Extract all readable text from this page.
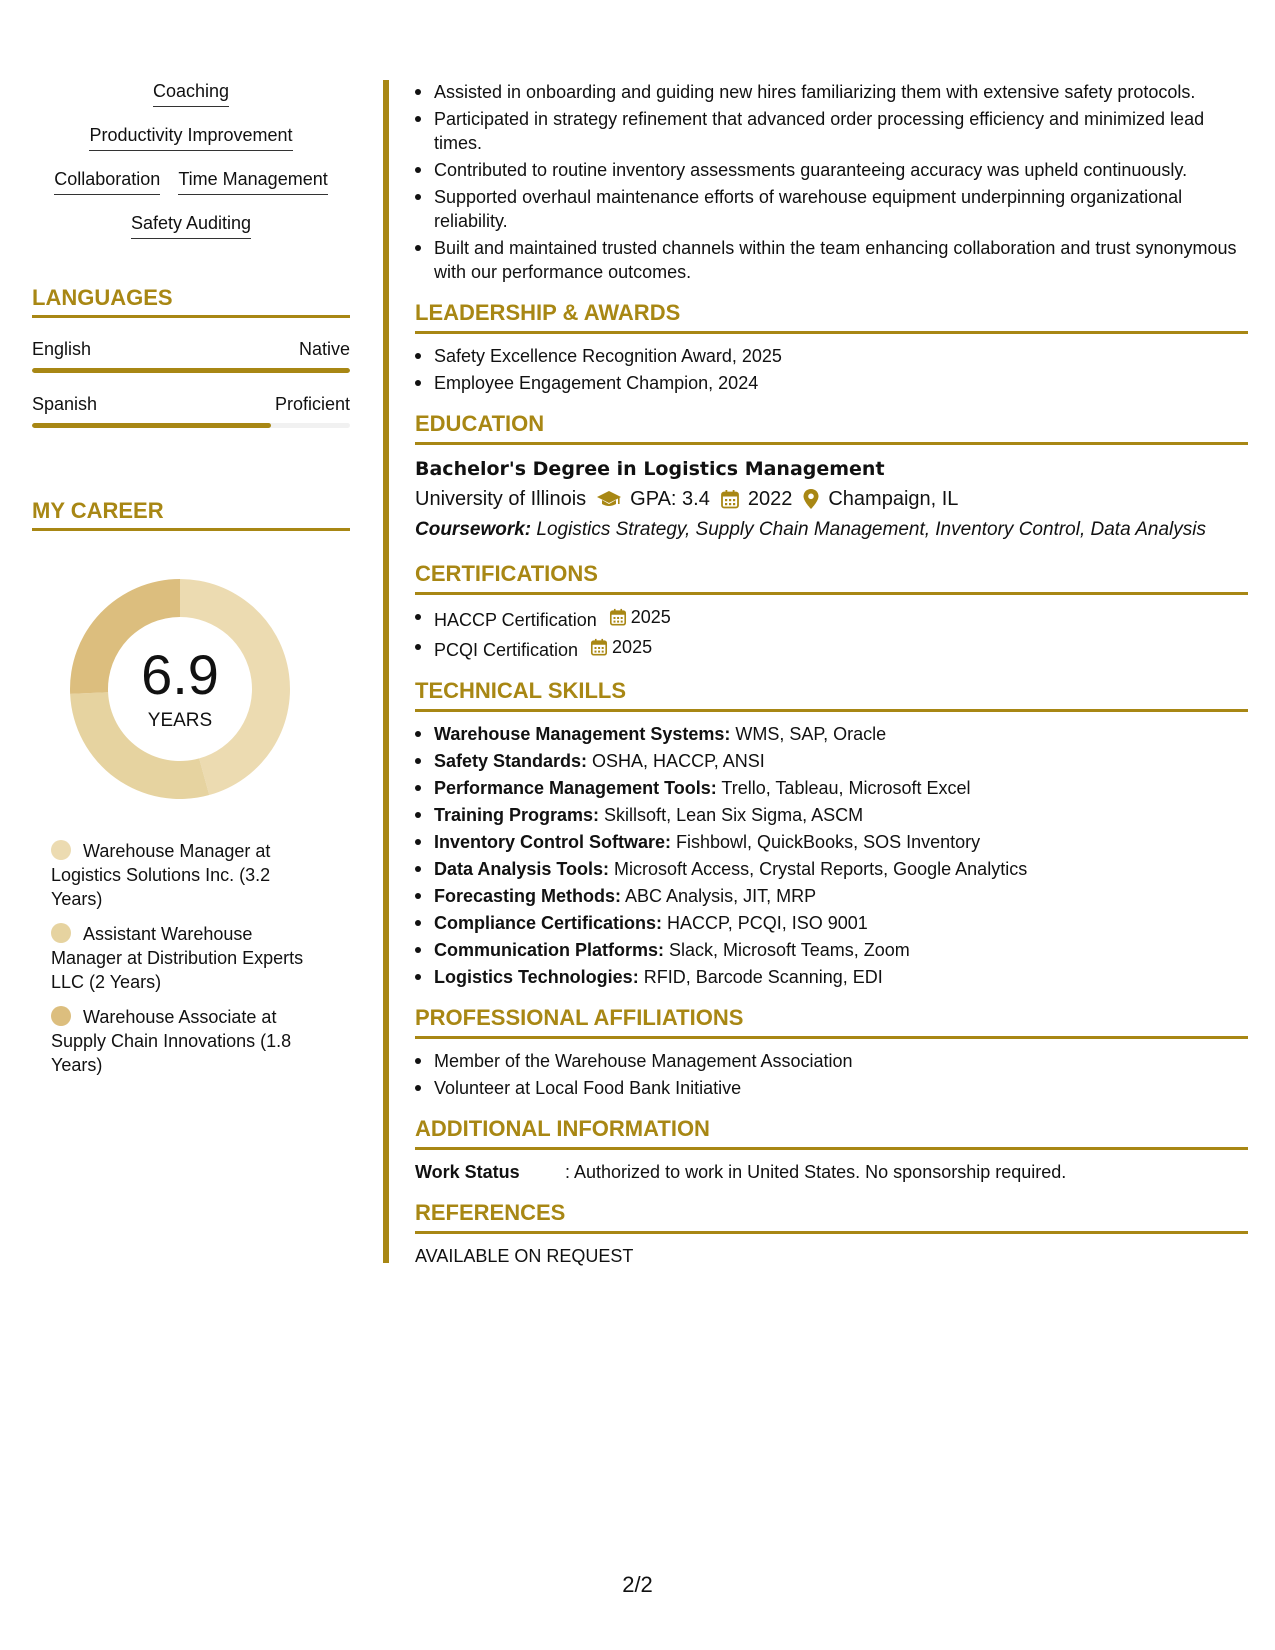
Coaching
Productivity Improvement
Collaboration Time Management
Safety Auditing
LANGUAGES
English	Native
Spanish	Proficient
MY CAREER
6.9
YEARS
Warehouse Manager at Logistics Solutions Inc. (3.2 Years)
Assistant Warehouse Manager at Distribution Experts LLC (2 Years)
Warehouse Associate at Supply Chain Innovations (1.8 Years)
Assisted in onboarding and guiding new hires familiarizing them with extensive safety protocols.
Participated in strategy refinement that advanced order processing efficiency and minimized lead times.
Contributed to routine inventory assessments guaranteeing accuracy was upheld continuously.
Supported overhaul maintenance efforts of warehouse equipment underpinning organizational reliability.
Built and maintained trusted channels within the team enhancing collaboration and trust synonymous with our performance outcomes.
LEADERSHIP & AWARDS
Safety Excellence Recognition Award, 2025
Employee Engagement Champion, 2024
EDUCATION
Bachelor's Degree in Logistics Management
University of Illinois GPA: 3.4 2022 Champaign, IL
Coursework: Logistics Strategy, Supply Chain Management, Inventory Control, Data Analysis
CERTIFICATIONS
HACCP Certification 2025
PCQI Certification 2025
TECHNICAL SKILLS
Warehouse Management Systems: WMS, SAP, Oracle
Safety Standards: OSHA, HACCP, ANSI
Performance Management Tools: Trello, Tableau, Microsoft Excel
Training Programs: Skillsoft, Lean Six Sigma, ASCM
Inventory Control Software: Fishbowl, QuickBooks, SOS Inventory
Data Analysis Tools: Microsoft Access, Crystal Reports, Google Analytics
Forecasting Methods: ABC Analysis, JIT, MRP
Compliance Certifications: HACCP, PCQI, ISO 9001
Communication Platforms: Slack, Microsoft Teams, Zoom
Logistics Technologies: RFID, Barcode Scanning, EDI
PROFESSIONAL AFFILIATIONS
Member of the Warehouse Management Association
Volunteer at Local Food Bank Initiative
ADDITIONAL INFORMATION
Work Status	: Authorized to work in United States. No sponsorship required.
REFERENCES
AVAILABLE ON REQUEST
2/2
